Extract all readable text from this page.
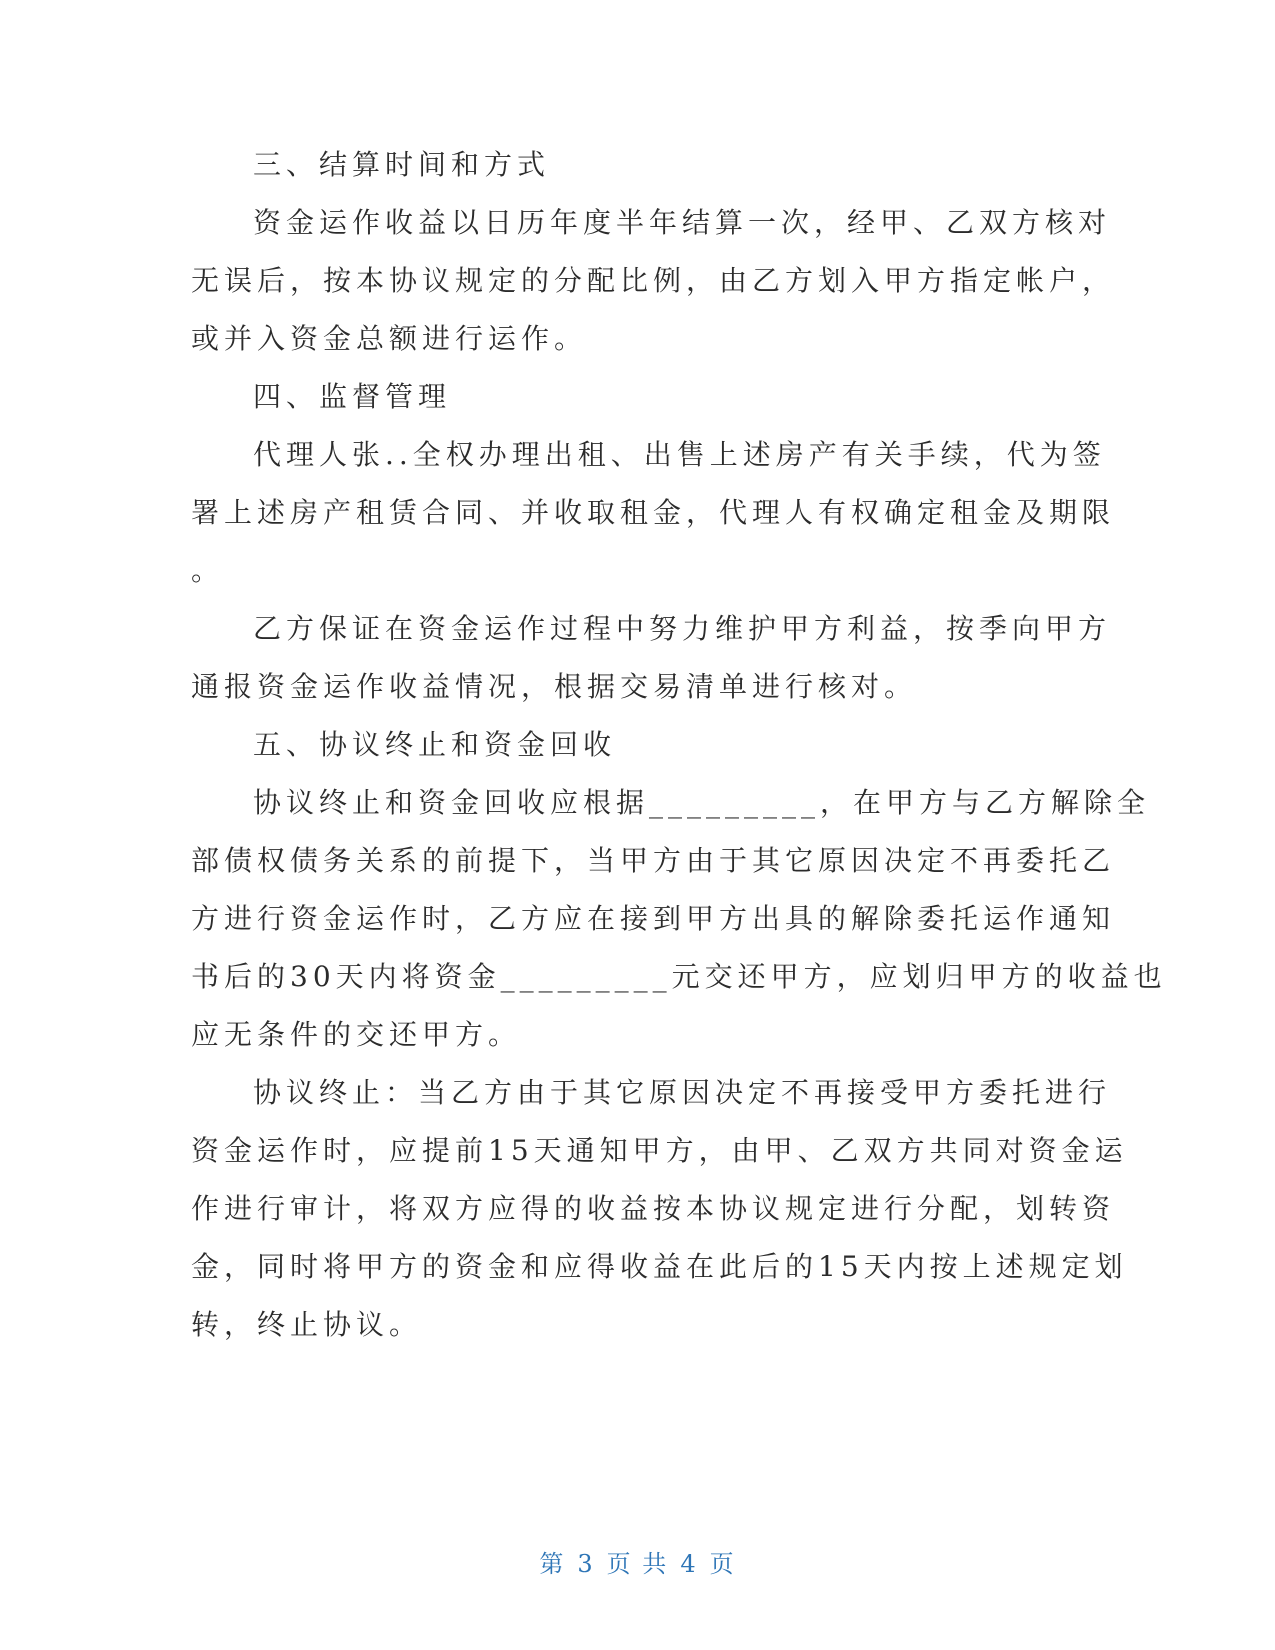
三、结算时间和方式
资金运作收益以日历年度半年结算一次，经甲、乙双方核对
无误后，按本协议规定的分配比例，由乙方划入甲方指定帐户，
或并入资金总额进行运作。
四、监督管理
代理人张..全权办理出租、出售上述房产有关手续，代为签
署上述房产租赁合同、并收取租金，代理人有权确定租金及期限
。
乙方保证在资金运作过程中努力维护甲方利益，按季向甲方
通报资金运作收益情况，根据交易清单进行核对。
五、协议终止和资金回收
协议终止和资金回收应根据_________，在甲方与乙方解除全
部债权债务关系的前提下，当甲方由于其它原因决定不再委托乙
方进行资金运作时，乙方应在接到甲方出具的解除委托运作通知
书后的30天内将资金_________元交还甲方，应划归甲方的收益也
应无条件的交还甲方。
协议终止：当乙方由于其它原因决定不再接受甲方委托进行
资金运作时，应提前15天通知甲方，由甲、乙双方共同对资金运
作进行审计，将双方应得的收益按本协议规定进行分配，划转资
金，同时将甲方的资金和应得收益在此后的15天内按上述规定划
转，终止协议。
第 3 页 共 4 页
